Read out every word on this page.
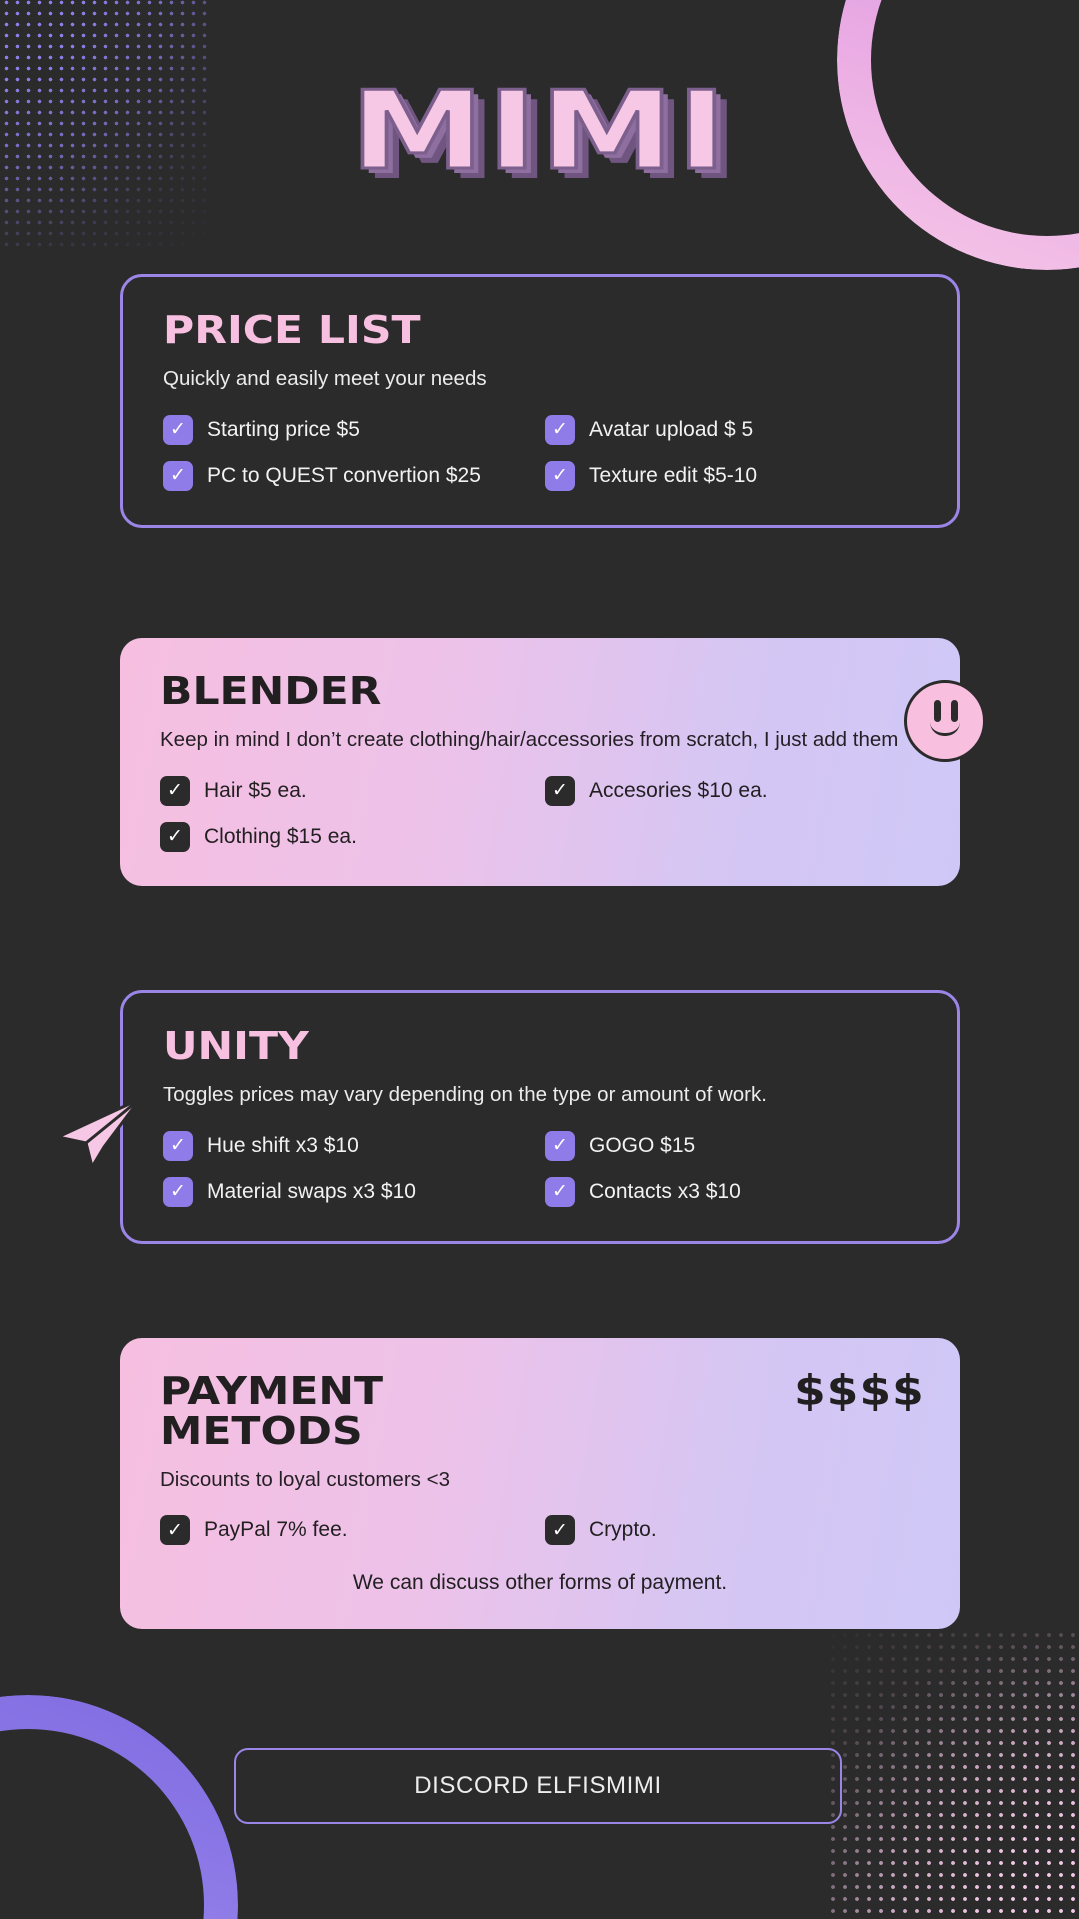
MIMI
PRICE LIST
Quickly and easily meet your needs
✓	Starting price $5	✓	Avatar upload $ 5
✓	PC to QUEST convertion $25	✓	Texture edit $5-10
BLENDER
Keep in mind I don’t create clothing/hair/accessories from scratch, I just add them
✓	Hair $5 ea.	✓	Accesories $10 ea.
✓	Clothing $15 ea.
UNITY
Toggles prices may vary depending on the type or amount of work.
✓	Hue shift x3 $10	✓	GOGO $15
✓	Material swaps x3 $10	✓	Contacts x3 $10
$$$$
PAYMENT
METODS
Discounts to loyal customers <3
✓	PayPal 7% fee.	✓	Crypto.
We can discuss other forms of payment.
DISCORD ELFISMIMI
